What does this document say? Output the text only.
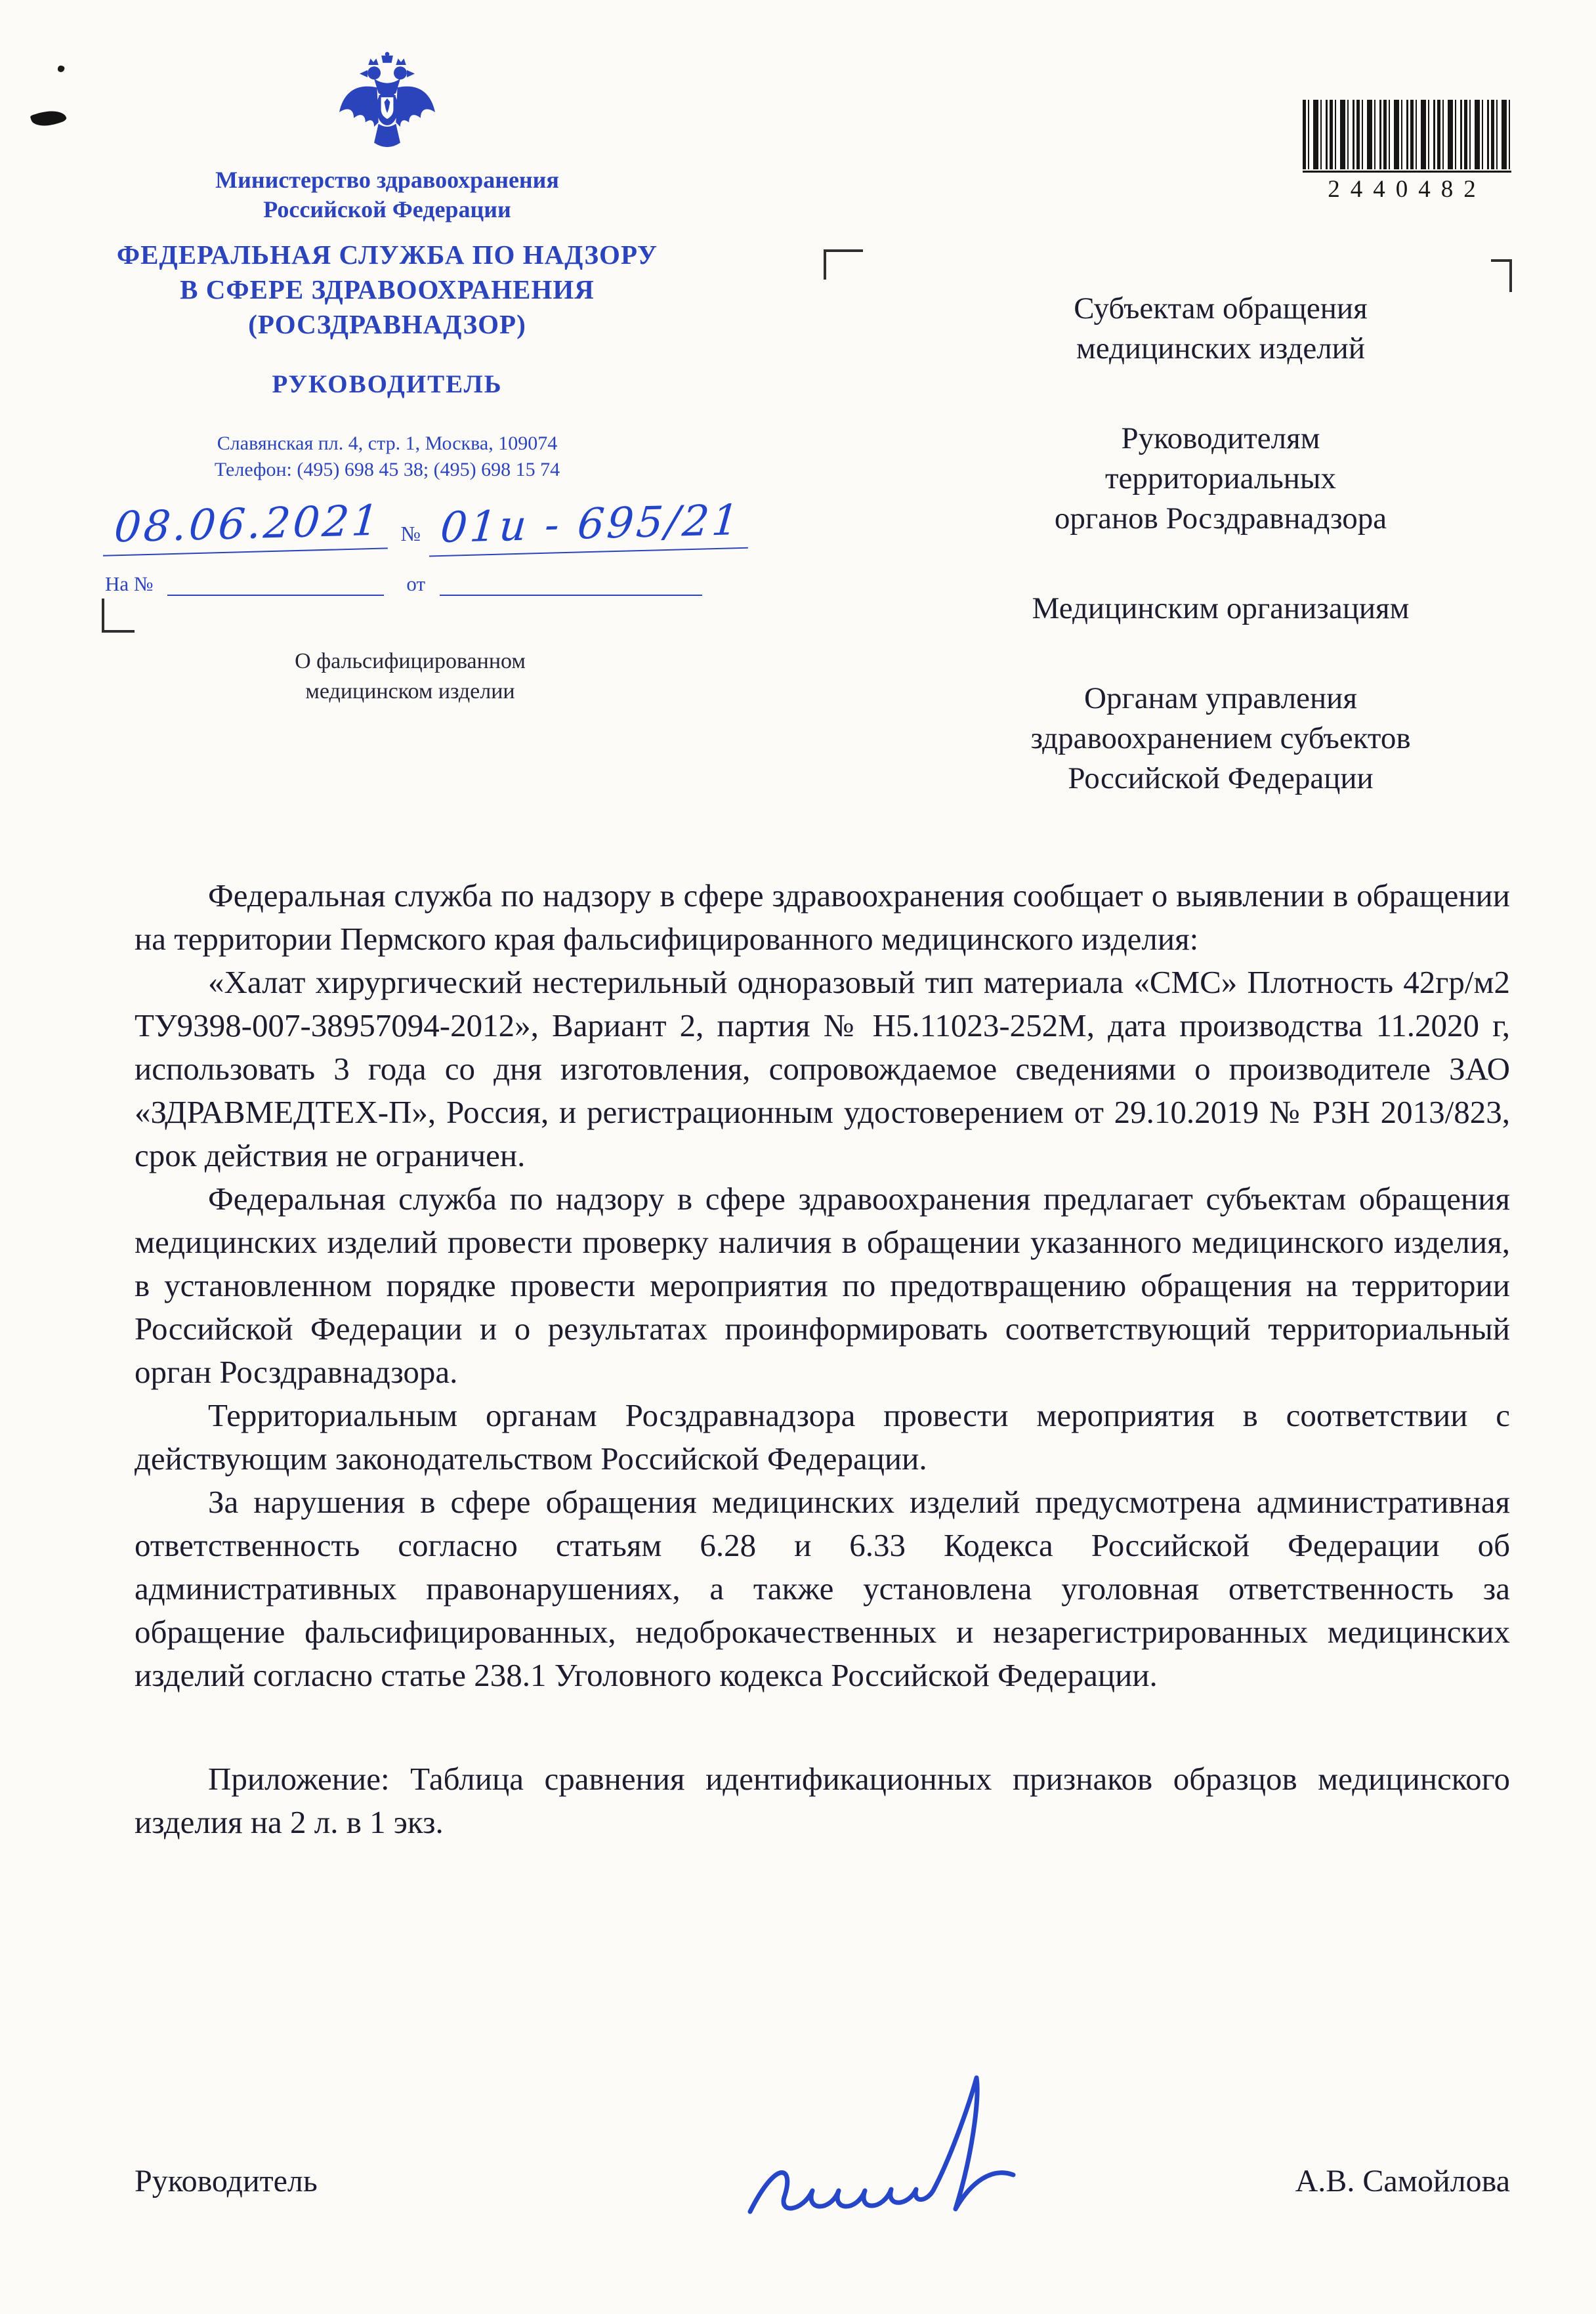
Министерство здравоохранения
Российской Федерации
ФЕДЕРАЛЬНАЯ СЛУЖБА ПО НАДЗОРУ
В СФЕРЕ ЗДРАВООХРАНЕНИЯ
(РОСЗДРАВНАДЗОР)
РУКОВОДИТЕЛЬ
Славянская пл. 4, стр. 1, Москва, 109074
Телефон: (495) 698 45 38; (495) 698 15 74
08.06.2021 № 01и - 695/21
На №	от
О фальсифицированном
медицинском изделии
2440482
Субъектам обращения
медицинских изделий
Руководителям
территориальных
органов Росздравнадзора
Медицинским организациям
Органам управления
здравоохранением субъектов
Российской Федерации

Федеральная служба по надзору в сфере здравоохранения сообщает о выявлении в обращении на территории Пермского края фальсифицированного медицинского изделия:

«Халат хирургический нестерильный одноразовый тип материала «СМС» Плотность 42гр/м2 ТУ9398-007-38957094-2012», Вариант 2, партия № Н5.11023-252М, дата производства 11.2020 г, использовать 3 года со дня изготовления, сопровождаемое сведениями о производителе ЗАО «ЗДРАВМЕДТЕХ-П», Россия, и регистрационным удостоверением от 29.10.2019 № РЗН 2013/823, срок действия не ограничен.

Федеральная служба по надзору в сфере здравоохранения предлагает субъектам обращения медицинских изделий провести проверку наличия в обращении указанного медицинского изделия, в установленном порядке провести мероприятия по предотвращению обращения на территории Российской Федерации и о результатах проинформировать соответствующий территориальный орган Росздравнадзора.

Территориальным органам Росздравнадзора провести мероприятия в соответствии с действующим законодательством Российской Федерации.

За нарушения в сфере обращения медицинских изделий предусмотрена административная ответственность согласно статьям 6.28 и 6.33 Кодекса Российской Федерации об административных правонарушениях, а также установлена уголовная ответственность за обращение фальсифицированных, недоброкачественных и незарегистрированных медицинских изделий согласно статье 238.1 Уголовного кодекса Российской Федерации.

Приложение: Таблица сравнения идентификационных признаков образцов медицинского изделия на 2 л. в 1 экз.

Руководитель	А.В. Самойлова
